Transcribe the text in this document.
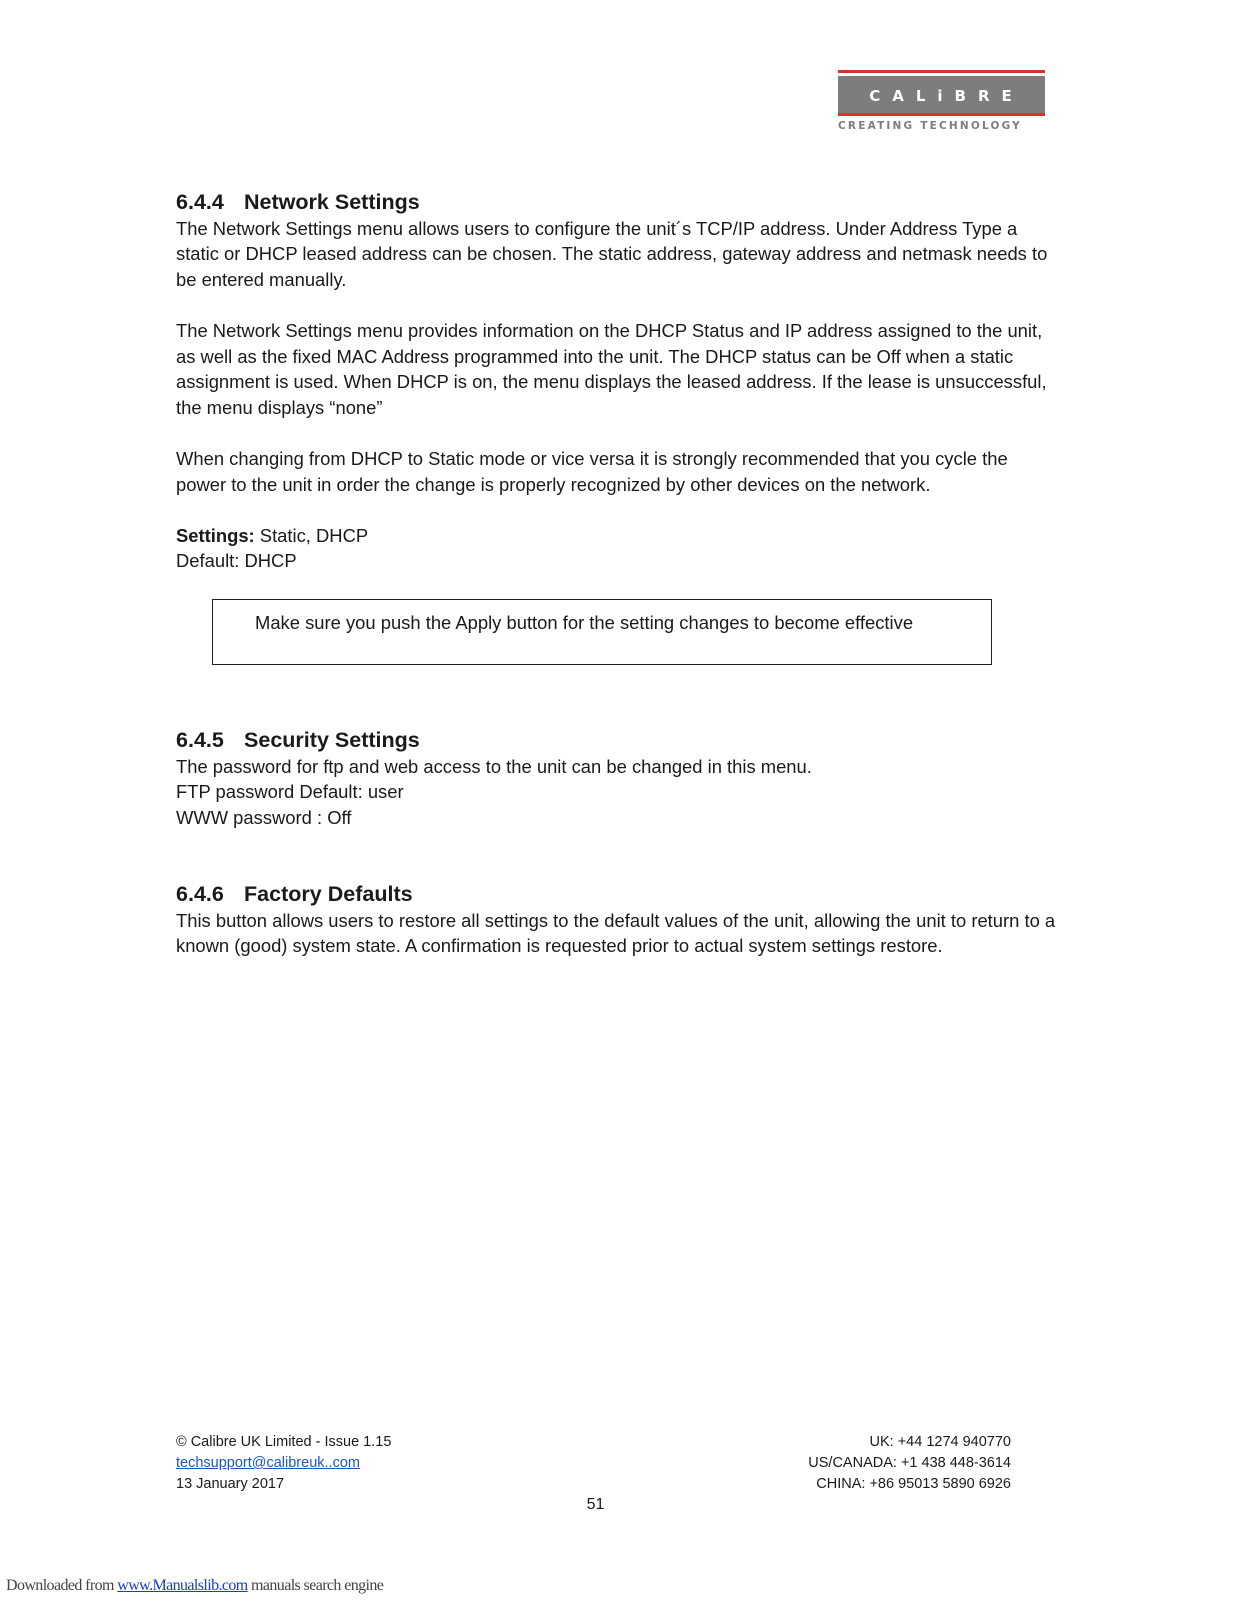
CALiBRE
CREATING TECHNOLOGY
6.4.4 Network Settings

The Network Settings menu allows users to configure the unit´s TCP/IP address. Under Address Type a static or DHCP leased address can be chosen. The static address, gateway address and netmask needs to be entered manually.

The Network Settings menu provides information on the DHCP Status and IP address assigned to the unit, as well as the fixed MAC Address programmed into the unit. The DHCP status can be Off when a static assignment is used. When DHCP is on, the menu displays the leased address. If the lease is unsuccessful, the menu displays “none”

When changing from DHCP to Static mode or vice versa it is strongly recommended that you cycle the power to the unit in order the change is properly recognized by other devices on the network.

Settings: Static, DHCP

Default: DHCP

Make sure you push the Apply button for the setting changes to become effective
6.4.5 Security Settings

The password for ftp and web access to the unit can be changed in this menu.

FTP password Default: user

WWW password : Off

6.4.6 Factory Defaults

This button allows users to restore all settings to the default values of the unit, allowing the unit to return to a known (good) system state. A confirmation is requested prior to actual system settings restore.

© Calibre UK Limited - Issue 1.15
techsupport@calibreuk..com
13 January 2017
UK: +44 1274 940770
US/CANADA: +1 438 448-3614
CHINA: +86 95013 5890 6926
51
Downloaded from www.Manualslib.com manuals search engine
